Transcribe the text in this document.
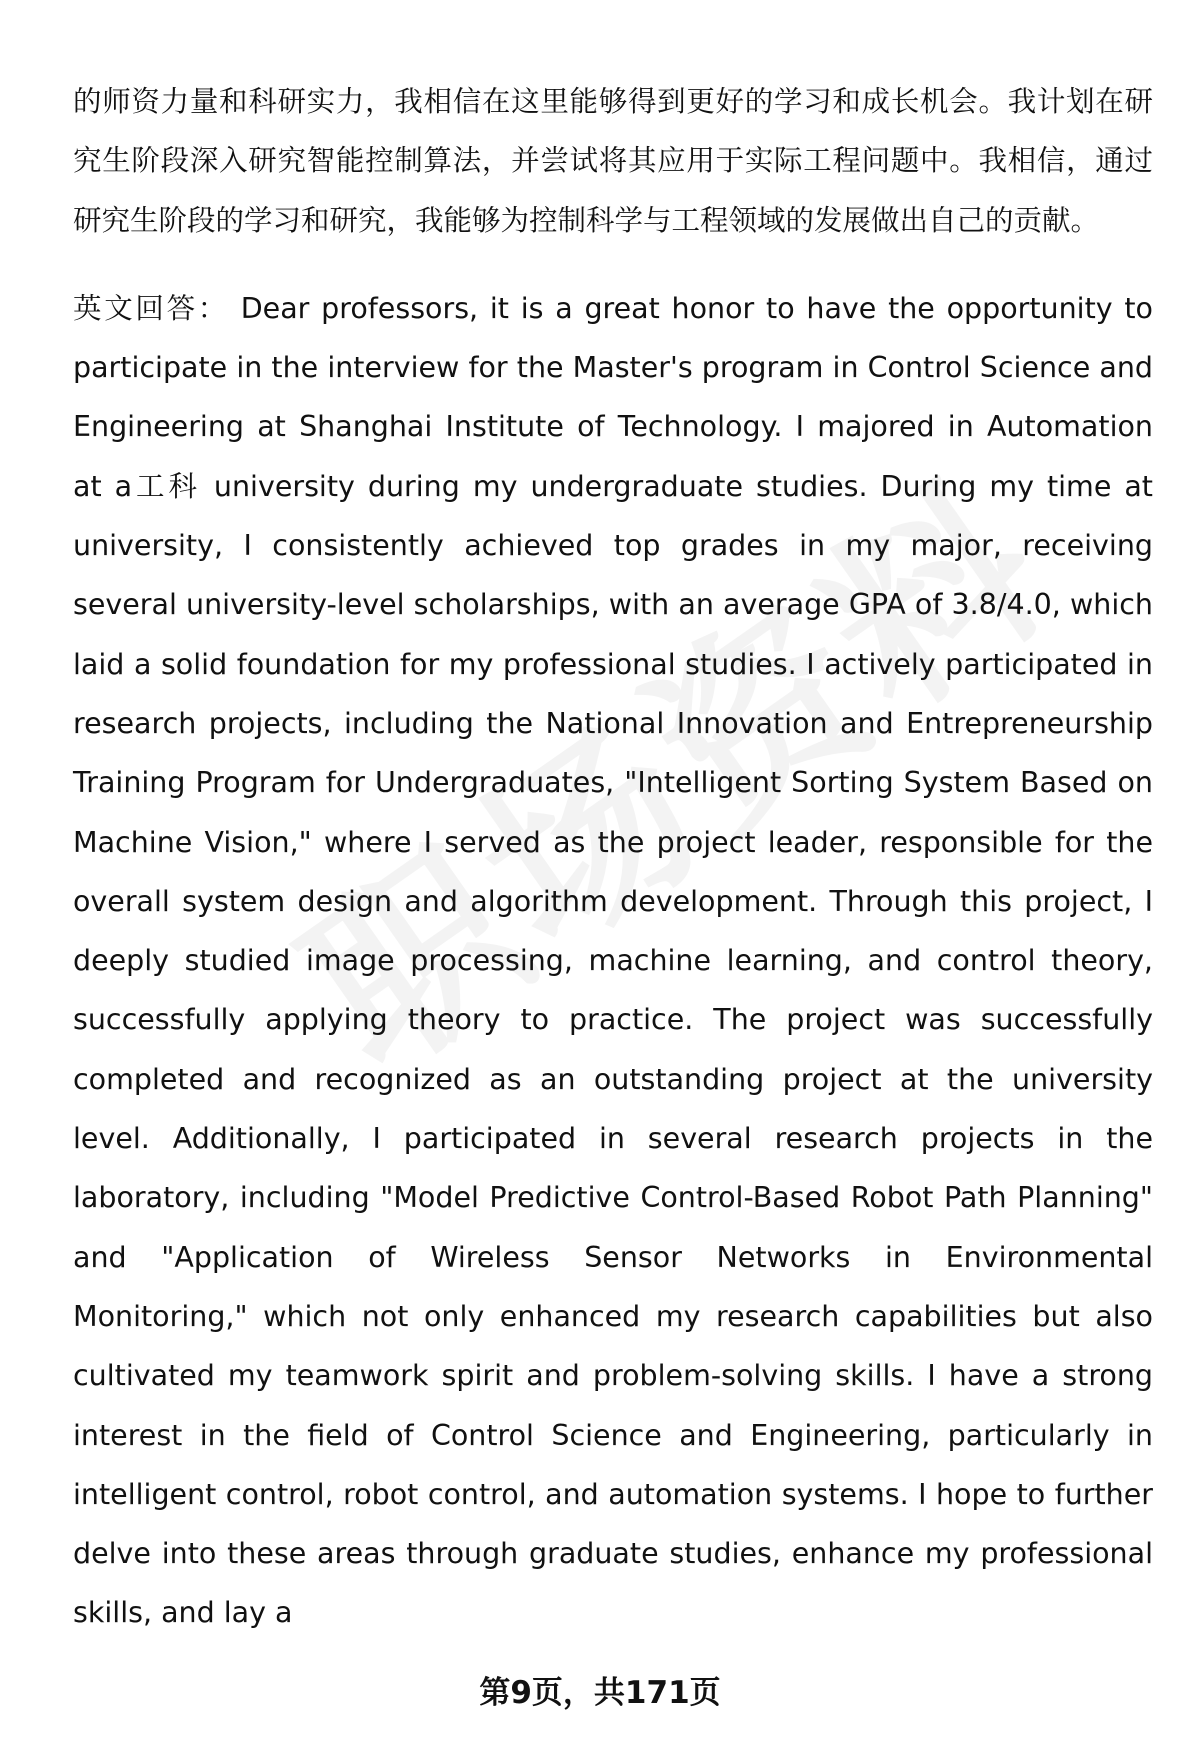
的师资力量和科研实力，我相信在这里能够得到更好的学习和成长机会。我计划在研究生阶段深入研究智能控制算法，并尝试将其应用于实际工程问题中。我相信，通过研究生阶段的学习和研究，我能够为控制科学与工程领域的发展做出自己的贡献。

英文回答： Dear professors, it is a great honor to have the opportunity to participate in the interview for the Master's program in Control Science and Engineering at Shanghai Institute of Technology. I majored in Automation at a工科 university during my undergraduate studies. During my time at university, I consistently achieved top grades in my major, receiving several university-level scholarships, with an average GPA of 3.8/4.0, which laid a solid foundation for my professional studies. I actively participated in research projects, including the National Innovation and Entrepreneurship Training Program for Undergraduates, "Intelligent Sorting System Based on Machine Vision," where I served as the project leader, responsible for the overall system design and algorithm development. Through this project, I deeply studied image processing, machine learning, and control theory, successfully applying theory to practice. The project was successfully completed and recognized as an outstanding project at the university level. Additionally, I participated in several research projects in the laboratory, including "Model Predictive Control-Based Robot Path Planning" and "Application of Wireless Sensor Networks in Environmental Monitoring," which not only enhanced my research capabilities but also cultivated my teamwork spirit and problem-solving skills. I have a strong interest in the field of Control Science and Engineering, particularly in intelligent control, robot control, and automation systems. I hope to further delve into these areas through graduate studies, enhance my professional skills, and lay a

第9页，共171页
